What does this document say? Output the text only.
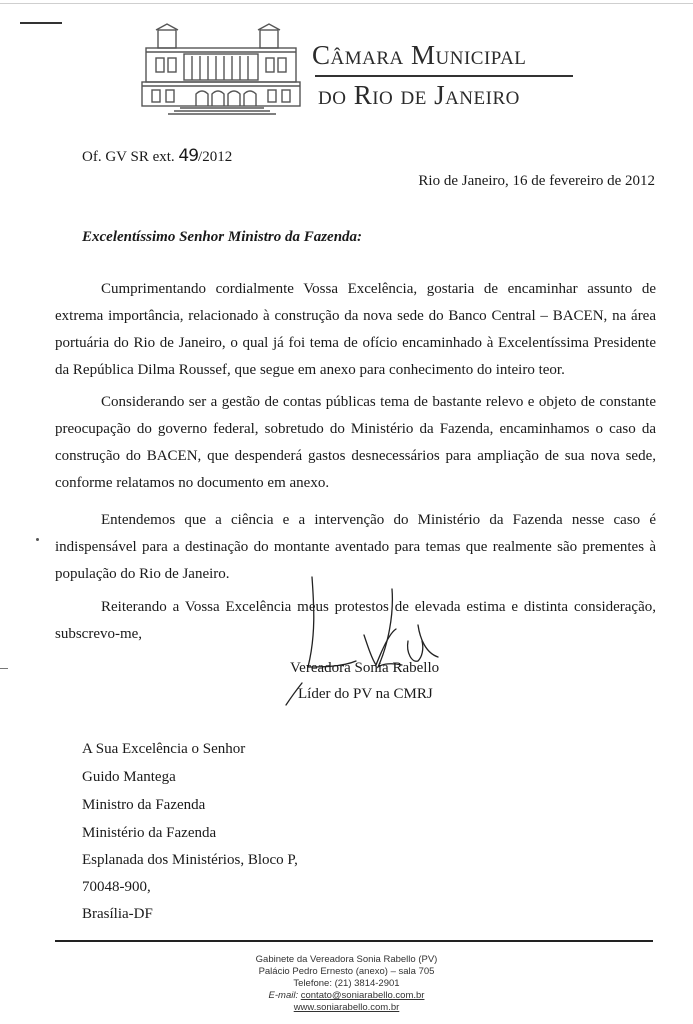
Câmara Municipal
do Rio de Janeiro
Of. GV SR ext. 49/2012
Rio de Janeiro, 16 de fevereiro de 2012
Excelentíssimo Senhor Ministro da Fazenda:

Cumprimentando cordialmente Vossa Excelência, gostaria de encaminhar assunto de extrema importância, relacionado à construção da nova sede do Banco Central – BACEN, na área portuária do Rio de Janeiro, o qual já foi tema de ofício encaminhado à Excelentíssima Presidente da República Dilma Roussef, que segue em anexo para conhecimento do inteiro teor.

Considerando ser a gestão de contas públicas tema de bastante relevo e objeto de constante preocupação do governo federal, sobretudo do Ministério da Fazenda, encaminhamos o caso da construção do BACEN, que despenderá gastos desnecessários para ampliação de sua nova sede, conforme relatamos no documento em anexo.

Entendemos que a ciência e a intervenção do Ministério da Fazenda nesse caso é indispensável para a destinação do montante aventado para temas que realmente são prementes à população do Rio de Janeiro.

Reiterando a Vossa Excelência meus protestos de elevada estima e distinta consideração, subscrevo-me,

Vereadora Sonia Rabello
Líder do PV na CMRJ
A Sua Excelência o Senhor
Guido Mantega
Ministro da Fazenda
Ministério da Fazenda
Esplanada dos Ministérios, Bloco P,
70048-900,
Brasília-DF
Gabinete da Vereadora Sonia Rabello (PV)
Palácio Pedro Ernesto (anexo) – sala 705
Telefone: (21) 3814-2901
E-mail: contato@soniarabello.com.br
www.soniarabello.com.br
